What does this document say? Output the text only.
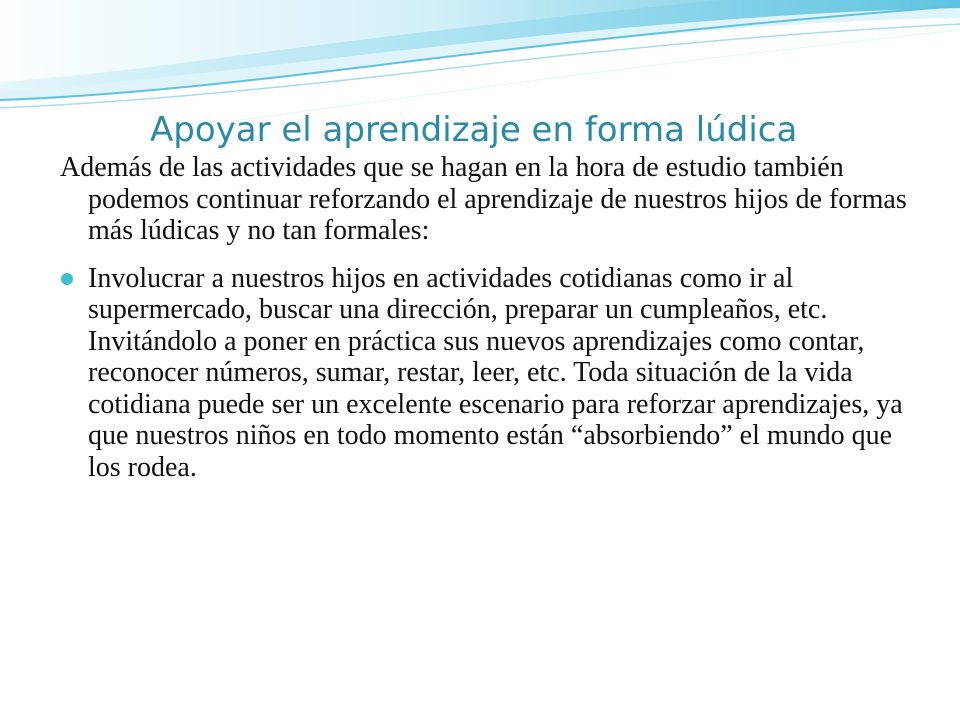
Apoyar el aprendizaje en forma lúdica

Además de las actividades que se hagan en la hora de estudio también podemos continuar reforzando el aprendizaje de nuestros hijos de formas más lúdicas y no tan formales:

Involucrar a nuestros hijos en actividades cotidianas como ir al supermercado, buscar una dirección, preparar un cumpleaños, etc. Invitándolo a poner en práctica sus nuevos aprendizajes como contar, reconocer números, sumar, restar, leer, etc. Toda situación de la vida cotidiana puede ser un excelente escenario para reforzar aprendizajes, ya que nuestros niños en todo momento están “absorbiendo” el mundo que los rodea.
